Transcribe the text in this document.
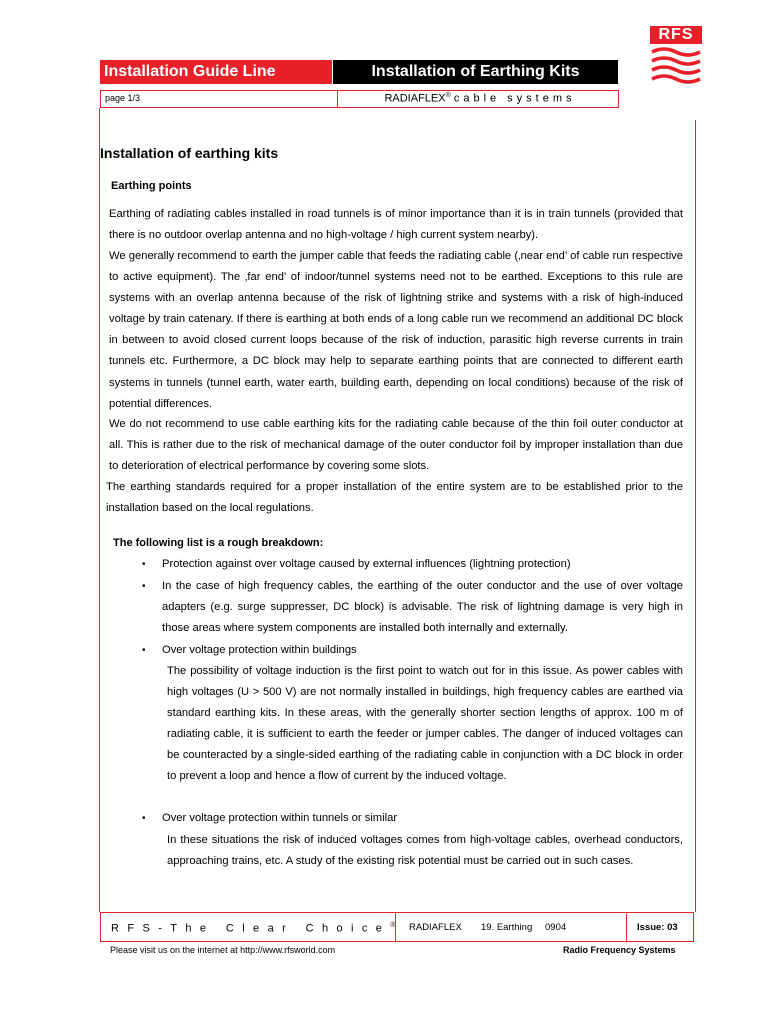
RFS
Installation Guide Line	Installation of Earthing Kits
page 1/3	RADIAFLEX® cable systems
Installation of earthing kits
Earthing points
Earthing of radiating cables installed in road tunnels is of minor importance than it is in train tunnels (provided that there is no outdoor overlap antenna and no high-voltage / high current system nearby).
We generally recommend to earth the jumper cable that feeds the radiating cable (‚near end’ of cable run respective to active equipment). The ‚far end’ of indoor/tunnel systems need not to be earthed. Exceptions to this rule are systems with an overlap antenna because of the risk of lightning strike and systems with a risk of high-induced voltage by train catenary. If there is earthing at both ends of a long cable run we recommend an additional DC block in between to avoid closed current loops because of the risk of induction, parasitic high reverse currents in train tunnels etc. Furthermore, a DC block may help to separate earthing points that are connected to different earth systems in tunnels (tunnel earth, water earth, building earth, depending on local conditions) because of the risk of potential differences.
We do not recommend to use cable earthing kits for the radiating cable because of the thin foil outer conductor at all. This is rather due to the risk of mechanical damage of the outer conductor foil by improper installation than due to deterioration of electrical performance by covering some slots.
The earthing standards required for a proper installation of the entire system are to be established prior to the installation based on the local regulations.
The following list is a rough breakdown:
• Protection against over voltage caused by external influences (lightning protection)
• In the case of high frequency cables, the earthing of the outer conductor and the use of over voltage adapters (e.g. surge suppresser, DC block) is advisable. The risk of lightning damage is very high in those areas where system components are installed both internally and externally.
• Over voltage protection within buildings
The possibility of voltage induction is the first point to watch out for in this issue. As power cables with high voltages (U > 500 V) are not normally installed in buildings, high frequency cables are earthed via standard earthing kits. In these areas, with the generally shorter section lengths of approx. 100 m of radiating cable, it is sufficient to earth the feeder or jumper cables. The danger of induced voltages can be counteracted by a single-sided earthing of the radiating cable in conjunction with a DC block in order to prevent a loop and hence a flow of current by the induced voltage.
• Over voltage protection within tunnels or similar
In these situations the risk of induced voltages comes from high-voltage cables, overhead conductors, approaching trains, etc. A study of the existing risk potential must be carried out in such cases.
RFS-The Clear Choice® RADIAFLEX 19. Earthing 0904	Issue: 03
Please visit us on the internet at http://www.rfsworld.com	Radio Frequency Systems
